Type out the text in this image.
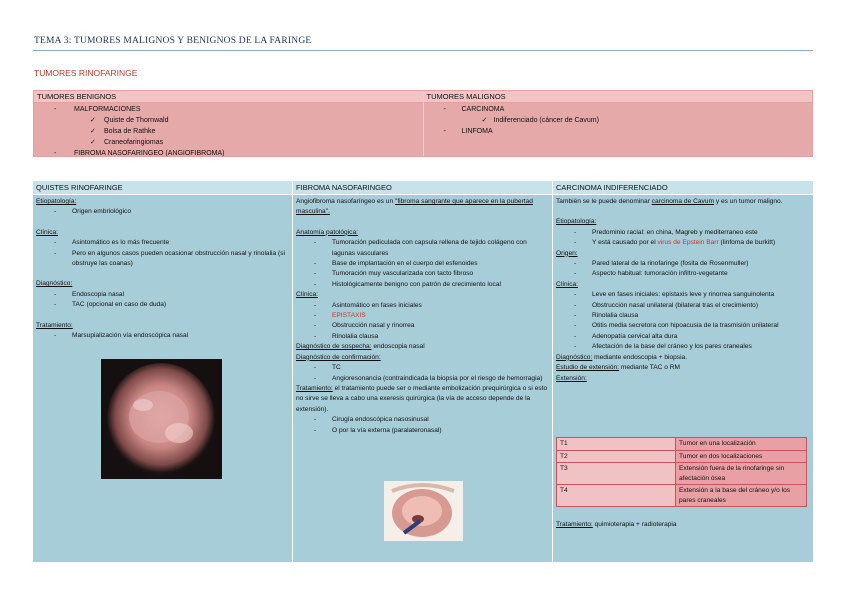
TEMA 3: TUMORES MALIGNOS Y BENIGNOS DE LA FARINGE
TUMORES RINOFARINGE
TUMORES BENIGNOS
-	MALFORMACIONES
✓ Quiste de Thornwald
✓ Bolsa de Rathke
✓ Craneofaringiomas
-	FIBROMA NASOFARINGEO (ANGIOFIBROMA)
TUMORES MALIGNOS
- CARCINOMA
✓ Indiferenciado (cáncer de Cavum)
- LINFOMA
QUISTES RINOFARINGE
Etiopatología:
- Origen embriológico
Clínica:
- Asintomático es lo más frecuente
- Pero en algunos casos pueden ocasionar obstrucción nasal y rinolalia (si obstruye las coanas)
Diagnóstico:
- Endoscopia nasal
- TAC (opcional en caso de duda)
Tratamiento:
- Marsupialización vía endoscópica nasal
FIBROMA NASOFARINGEO
Angiofibroma nasofaríngeo es un "fibroma sangrante que aparece en la pubertad masculina".
Anatomía patológica:
- Tumoración pediculada con capsula rellena de tejido colágeno con lagunas vasculares
- Base de implantación en el cuerpo del esfenoides
- Tumoración muy vascularizada con tacto fibroso
- Histológicamente benigno con patrón de crecimiento local
Clínica:
- Asintomático en fases iniciales
- EPISTAXIS
- Obstrucción nasal y rinorrea
- Rinolalia clausa
Diagnóstico de sospecha: endoscopia nasal
Diagnóstico de confirmación:
- TC
- Angioresonancia (contraindicada la biopsia por el riesgo de hemorragia)
Tratamiento: el tratamiento puede ser o mediante embolización prequirúrgica o si esto no sirve se lleva a cabo una exeresis quirúrgica (la vía de acceso depende de la extensión).
- Cirugía endoscópica nasosinusal
- O por la vía externa (paralateronasal)
CARCINOMA INDIFERENCIADO
También se le puede denominar carcinoma de Cavum y es un tumor maligno.
Etiopatología:
- Predominio racial: en china, Magreb y mediterraneo este
- Y está causado por el virus de Epstein Barr (linfoma de burkitt)
Origen:
- Pared lateral de la rinofaringe (fosita de Rosenmuller)
- Aspecto habitual: tumoración infiltro-vegetante
Clínica:
- Leve en fases iniciales: epistaxis leve y rinorrea sanguinolenta
- Obstrucción nasal unilateral (bilateral tras el crecimiento)
- Rinolalia clausa
- Otitis media secretora con hipoacusia de la trasmisión unilateral
- Adenopatía cervical alta dura
- Afectación de la base del cráneo y los pares craneales
Diagnóstico: mediante endoscopia + biopsia.
Estudio de extensión: mediante TAC o RM
Extensión:
T1	Tumor en una localización
T2	Tumor en dos localizaciones
T3	Extensión fuera de la rinofaringe sin afectación ósea
T4	Extensión a la base del cráneo y/o los pares craneales
Tratamiento: quimioterapia + radioterapia
